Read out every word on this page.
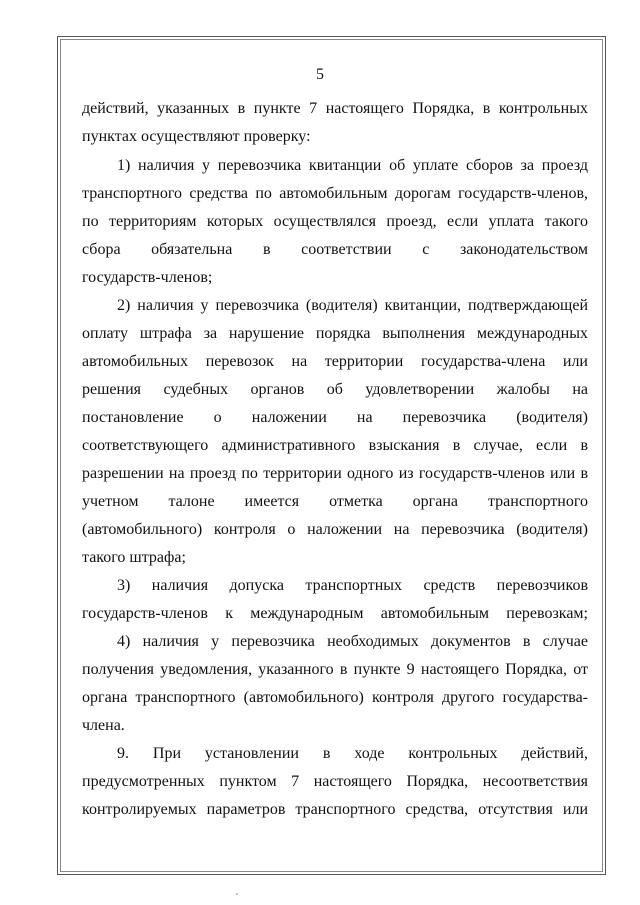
5
действий, указанных в пункте 7 настоящего Порядка, в контрольных
пунктах осуществляют проверку:
1) наличия у перевозчика квитанции об уплате сборов за проезд
транспортного средства по автомобильным дорогам государств-членов,
по территориям которых осуществлялся проезд, если уплата такого
сбора обязательна в соответствии с законодательством
государств-членов;
2) наличия у перевозчика (водителя) квитанции, подтверждающей
оплату штрафа за нарушение порядка выполнения международных
автомобильных перевозок на территории государства-члена или
решения судебных органов об удовлетворении жалобы на
постановление о наложении на перевозчика (водителя)
соответствующего административного взыскания в случае, если в
разрешении на проезд по территории одного из государств-членов или в
учетном талоне имеется отметка органа транспортного
(автомобильного) контроля о наложении на перевозчика (водителя)
такого штрафа;
3) наличия допуска транспортных средств перевозчиков
государств-членов к международным автомобильным перевозкам;
4) наличия у перевозчика необходимых документов в случае
получения уведомления, указанного в пункте 9 настоящего Порядка, от
органа транспортного (автомобильного) контроля другого государства-
члена.
9. При установлении в ходе контрольных действий,
предусмотренных пунктом 7 настоящего Порядка, несоответствия
контролируемых параметров транспортного средства, отсутствия или
